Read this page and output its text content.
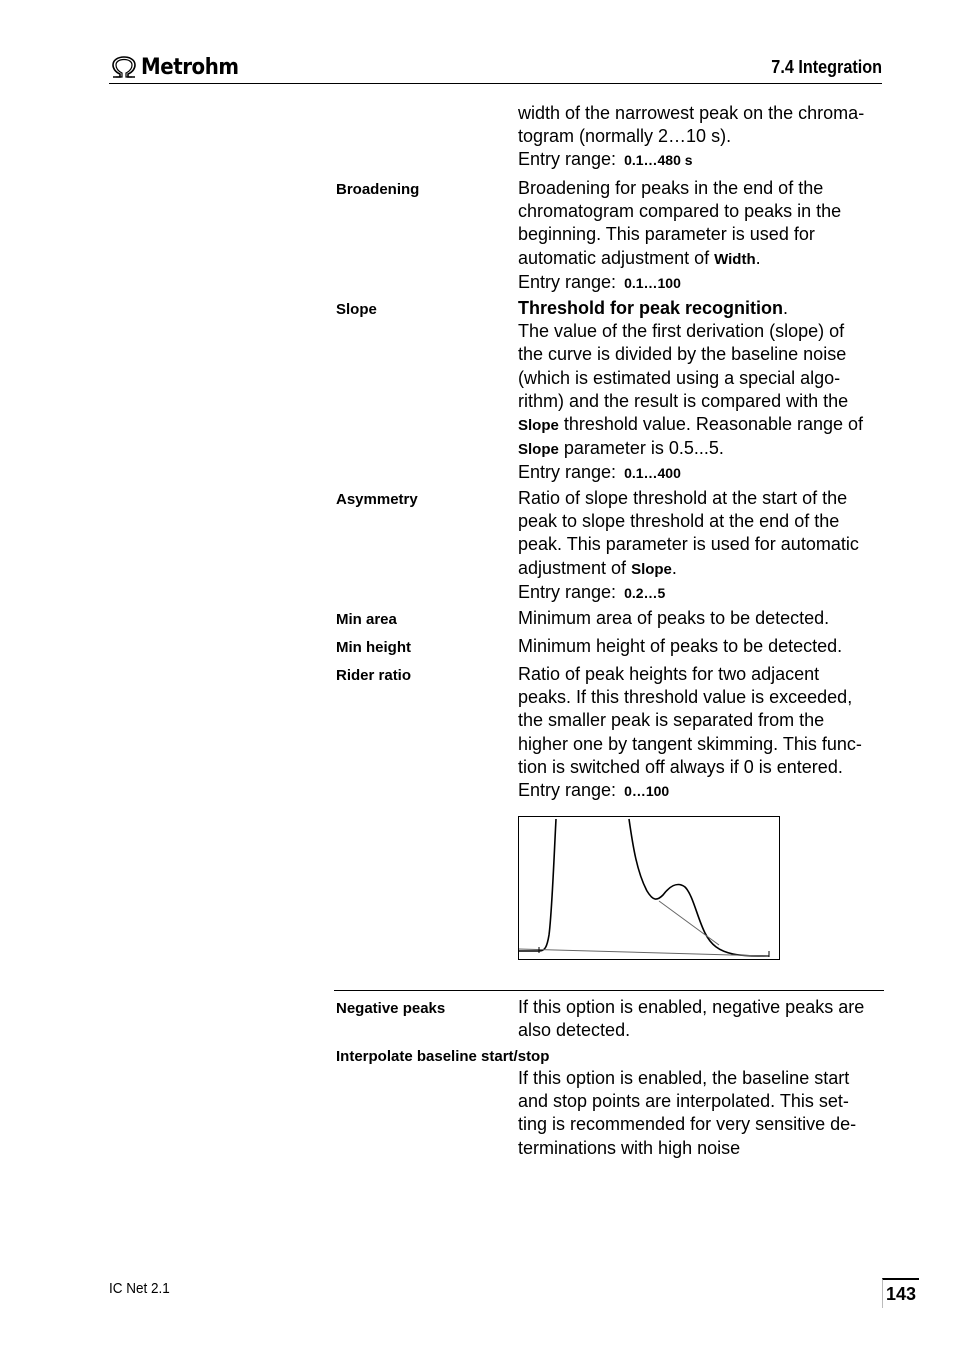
Metrohm	7.4 Integration
width of the narrowest peak on the chroma-
togram (normally 2…10 s).
Entry range: 0.1…480 s
Broadening	Broadening for peaks in the end of the
chromatogram compared to peaks in the
beginning. This parameter is used for
automatic adjustment of Width.
Entry range: 0.1…100
Slope	Threshold for peak recognition.
The value of the first derivation (slope) of
the curve is divided by the baseline noise
(which is estimated using a special algo-
rithm) and the result is compared with the
Slope threshold value. Reasonable range of
Slope parameter is 0.5...5.
Entry range: 0.1…400
Asymmetry	Ratio of slope threshold at the start of the
peak to slope threshold at the end of the
peak. This parameter is used for automatic
adjustment of Slope.
Entry range: 0.2…5
Min area	Minimum area of peaks to be detected.
Min height	Minimum height of peaks to be detected.
Rider ratio	Ratio of peak heights for two adjacent
peaks. If this threshold value is exceeded,
the smaller peak is separated from the
higher one by tangent skimming. This func-
tion is switched off always if 0 is entered.
Entry range: 0…100
Negative peaks	If this option is enabled, negative peaks are
also detected.
Interpolate baseline start/stop
If this option is enabled, the baseline start
and stop points are interpolated. This set-
ting is recommended for very sensitive de-
terminations with high noise
IC Net 2.1	143
